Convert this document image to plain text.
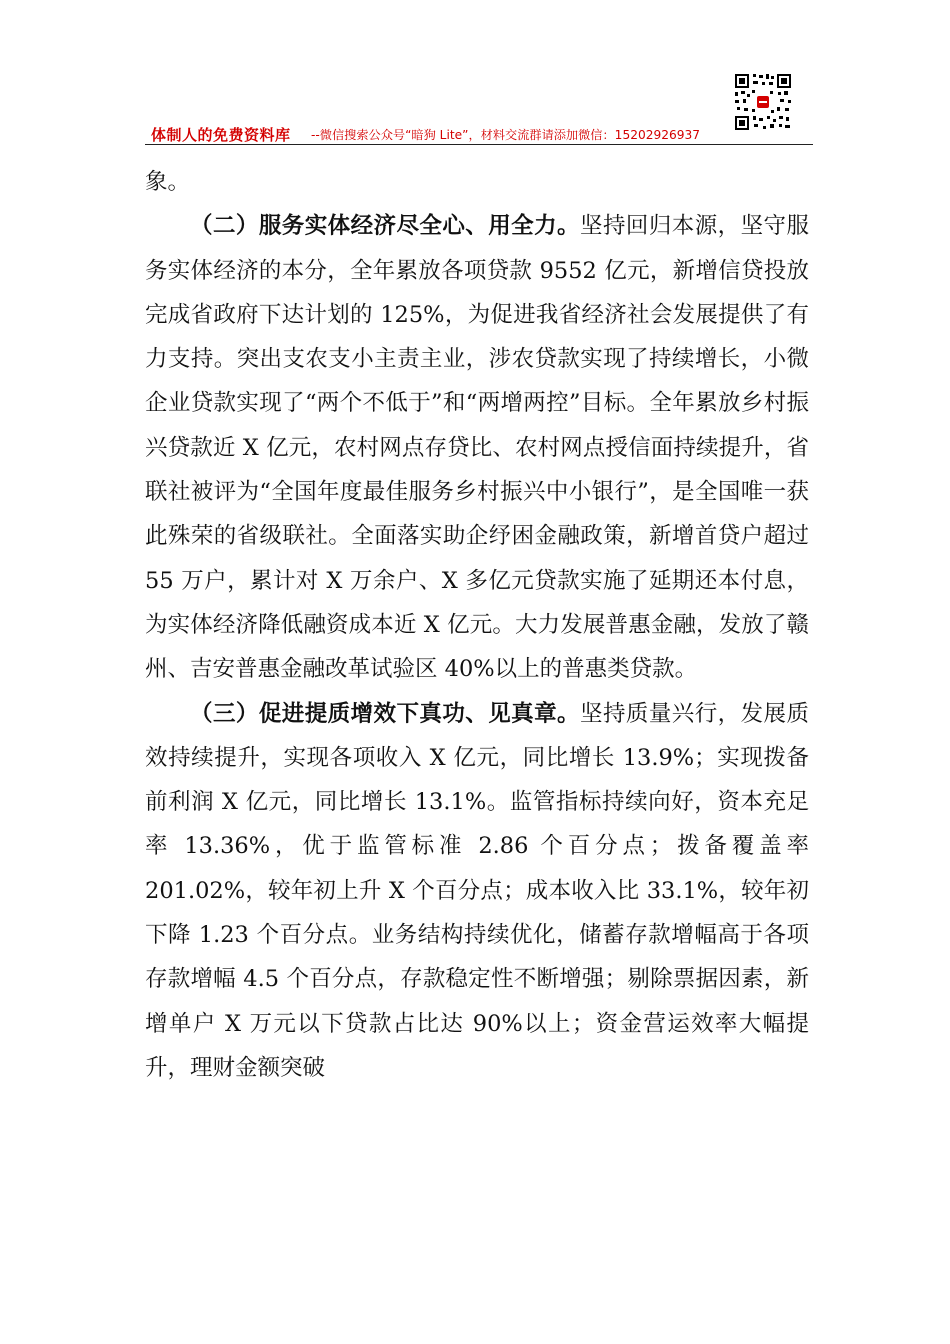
体制人的免费资料库 --微信搜索公众号“暗狗 Lite”，材料交流群请添加微信：15202926937

象。

（二）服务实体经济尽全心、用全力。坚持回归本源，坚守服务实体经济的本分，全年累放各项贷款 9552 亿元，新增信贷投放完成省政府下达计划的 125%，为促进我省经济社会发展提供了有力支持。突出支农支小主责主业，涉农贷款实现了持续增长，小微企业贷款实现了“两个不低于”和“两增两控”目标。全年累放乡村振兴贷款近 X 亿元，农村网点存贷比、农村网点授信面持续提升，省联社被评为“全国年度最佳服务乡村振兴中小银行”，是全国唯一获此殊荣的省级联社。全面落实助企纾困金融政策，新增首贷户超过 55 万户，累计对 X 万余户、X 多亿元贷款实施了延期还本付息，为实体经济降低融资成本近 X 亿元。大力发展普惠金融，发放了赣州、吉安普惠金融改革试验区 40%以上的普惠类贷款。

（三）促进提质增效下真功、见真章。坚持质量兴行，发展质效持续提升，实现各项收入 X 亿元，同比增长 13.9%；实现拨备前利润 X 亿元，同比增长 13.1%。监管指标持续向好，资本充足率 13.36%，优于监管标准 2.86 个百分点；拨备覆盖率 201.02%，较年初上升 X 个百分点；成本收入比 33.1%，较年初下降 1.23 个百分点。业务结构持续优化，储蓄存款增幅高于各项存款增幅 4.5 个百分点，存款稳定性不断增强；剔除票据因素，新增单户 X 万元以下贷款占比达 90%以上；资金营运效率大幅提升，理财金额突破
